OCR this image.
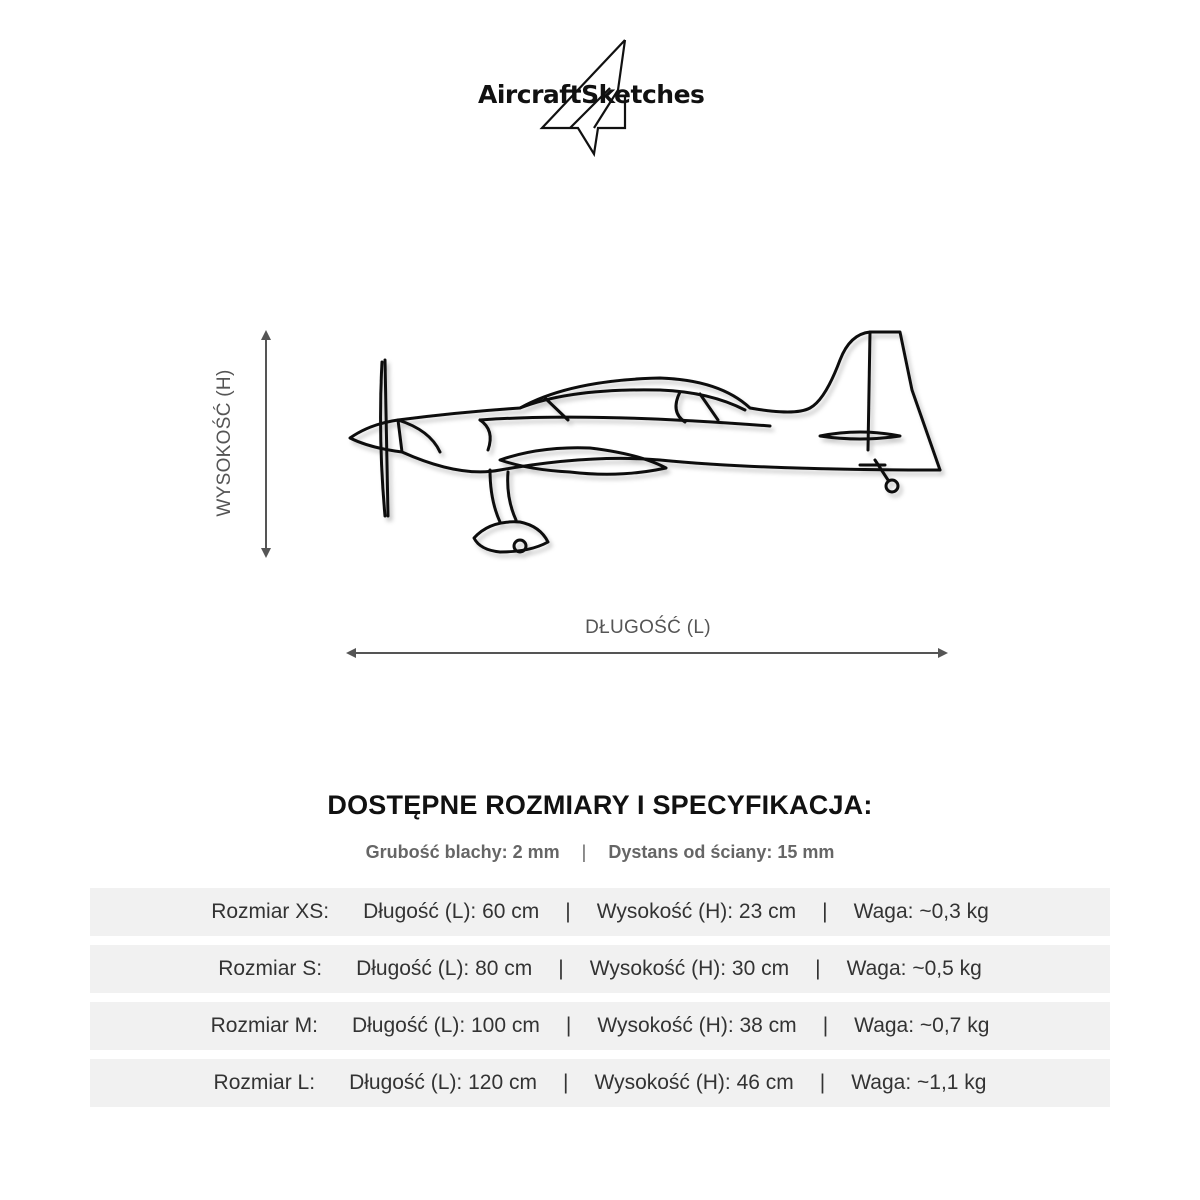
AircraftSketches
WYSOKOŚĆ (H)
DŁUGOŚĆ (L)
DOSTĘPNE ROZMIARY I SPECYFIKACJA:
Grubość blachy: 2 mm | Dystans od ściany: 15 mm
Rozmiar XS: Długość (L): 60 cm | Wysokość (H): 23 cm | Waga: ~0,3 kg
Rozmiar S: Długość (L): 80 cm | Wysokość (H): 30 cm | Waga: ~0,5 kg
Rozmiar M: Długość (L): 100 cm | Wysokość (H): 38 cm | Waga: ~0,7 kg
Rozmiar L: Długość (L): 120 cm | Wysokość (H): 46 cm | Waga: ~1,1 kg
